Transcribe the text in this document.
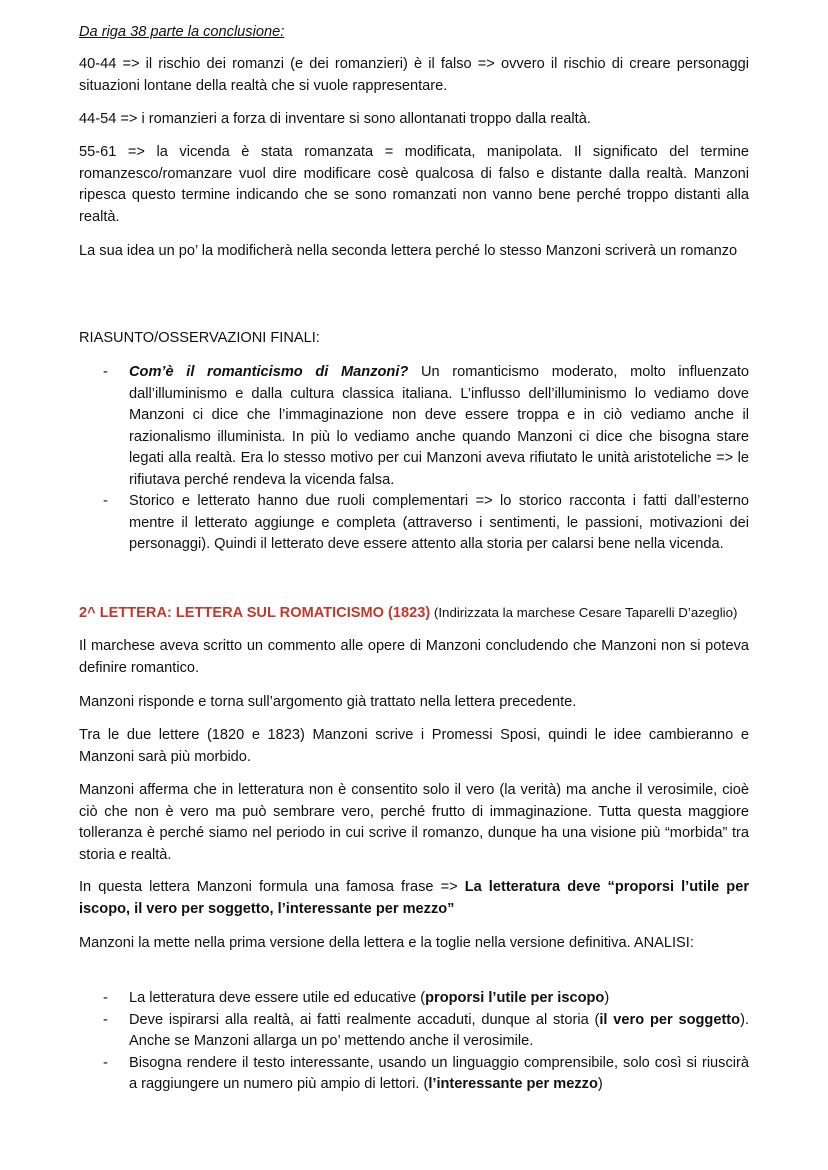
Da riga 38 parte la conclusione:

40-44 => il rischio dei romanzi (e dei romanzieri) è il falso => ovvero il rischio di creare personaggi situazioni lontane della realtà che si vuole rappresentare.

44-54 => i romanzieri a forza di inventare si sono allontanati troppo dalla realtà.

55-61 => la vicenda è stata romanzata = modificata, manipolata. Il significato del termine romanzesco/romanzare vuol dire modificare cosè qualcosa di falso e distante dalla realtà. Manzoni ripesca questo termine indicando che se sono romanzati non vanno bene perché troppo distanti alla realtà.

La sua idea un po’ la modificherà nella seconda lettera perché lo stesso Manzoni scriverà un romanzo

RIASUNTO/OSSERVAZIONI FINALI:

- Com’è il romanticismo di Manzoni? Un romanticismo moderato, molto influenzato dall’illuminismo e dalla cultura classica italiana. L’influsso dell’illuminismo lo vediamo dove Manzoni ci dice che l’immaginazione non deve essere troppa e in ciò vediamo anche il razionalismo illuminista. In più lo vediamo anche quando Manzoni ci dice che bisogna stare legati alla realtà. Era lo stesso motivo per cui Manzoni aveva rifiutato le unità aristoteliche => le rifiutava perché rendeva la vicenda falsa.
- Storico e letterato hanno due ruoli complementari => lo storico racconta i fatti dall’esterno mentre il letterato aggiunge e completa (attraverso i sentimenti, le passioni, motivazioni dei personaggi). Quindi il letterato deve essere attento alla storia per calarsi bene nella vicenda.

2^ LETTERA: LETTERA SUL ROMATICISMO (1823) (Indirizzata la marchese Cesare Taparelli D’azeglio)

Il marchese aveva scritto un commento alle opere di Manzoni concludendo che Manzoni non si poteva definire romantico.

Manzoni risponde e torna sull’argomento già trattato nella lettera precedente.

Tra le due lettere (1820 e 1823) Manzoni scrive i Promessi Sposi, quindi le idee cambieranno e Manzoni sarà più morbido.

Manzoni afferma che in letteratura non è consentito solo il vero (la verità) ma anche il verosimile, cioè ciò che non è vero ma può sembrare vero, perché frutto di immaginazione. Tutta questa maggiore tolleranza è perché siamo nel periodo in cui scrive il romanzo, dunque ha una visione più “morbida” tra storia e realtà.

In questa lettera Manzoni formula una famosa frase => La letteratura deve “proporsi l’utile per iscopo, il vero per soggetto, l’interessante per mezzo”

Manzoni la mette nella prima versione della lettera e la toglie nella versione definitiva. ANALISI:

- La letteratura deve essere utile ed educative (proporsi l’utile per iscopo)
- Deve ispirarsi alla realtà, ai fatti realmente accaduti, dunque al storia (il vero per soggetto). Anche se Manzoni allarga un po’ mettendo anche il verosimile.
- Bisogna rendere il testo interessante, usando un linguaggio comprensibile, solo così si riuscirà a raggiungere un numero più ampio di lettori. (l’interessante per mezzo)
